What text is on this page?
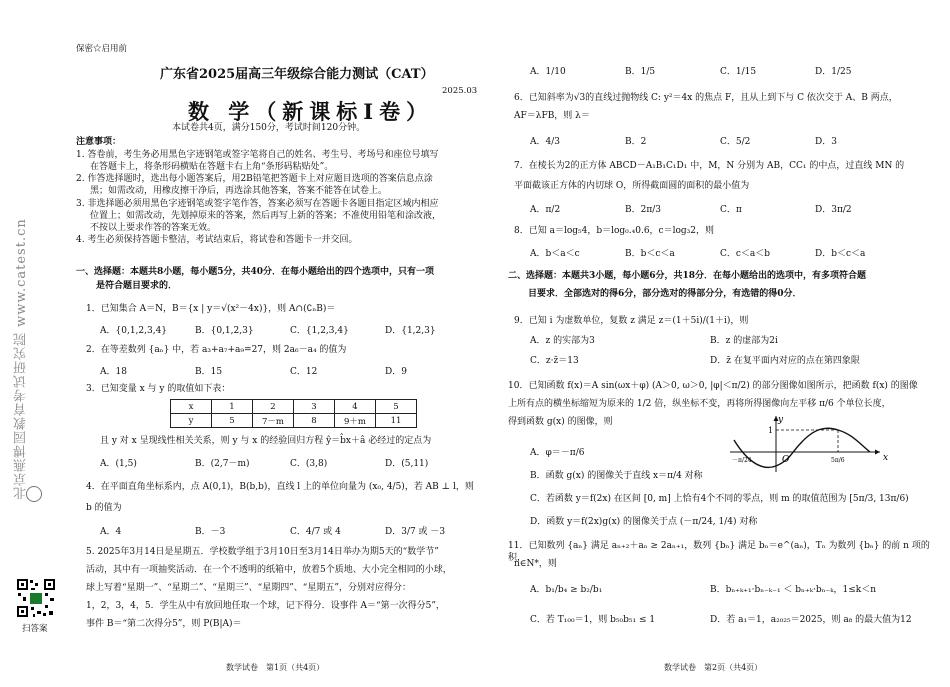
保密☆启用前
广东省2025届高三年级综合能力测试（CAT）
2025.03
数 学（新课标Ⅰ卷）
本试卷共4页，满分150分，考试时间120分钟。
注意事项：
1. 答卷前，考生务必用黑色字迹钢笔或签字笔将自己的姓名、考生号、考场号和座位号填写
在答题卡上，将条形码横贴在答题卡右上角“条形码粘贴处”。
2. 作答选择题时，选出每小题答案后，用2B铅笔把答题卡上对应题目选项的答案信息点涂
黑；如需改动，用橡皮擦干净后，再选涂其他答案，答案不能答在试卷上。
3. 非选择题必须用黑色字迹钢笔或签字笔作答，答案必须写在答题卡各题目指定区域内相应
位置上；如需改动，先划掉原来的答案，然后再写上新的答案；不准使用铅笔和涂改液，
不按以上要求作答的答案无效。
4. 考生必须保持答题卡整洁，考试结束后，将试卷和答题卡一并交回。
一、选择题：本题共8小题，每小题5分，共40分．在每小题给出的四个选项中，只有一项
是符合题目要求的．
1．已知集合 A＝N，B＝{x | y＝√(x²－4x)}，则 A∩(∁ₙB)＝
A．{0,1,2,3,4}	B．{0,1,2,3}	C．{1,2,3,4}	D．{1,2,3}
2．在等差数列 {aₙ} 中，若 a₃+a₇+a₉=27，则 2a₆－a₄ 的值为
A．18	B．15	C．12	D．9
3．已知变量 x 与 y 的取值如下表：
x	1	2	3	4	5
y	5	7－m	8	9＋m	11
且 y 对 x 呈现线性相关关系，则 y 与 x 的经验回归方程 ŷ＝b̂x＋â 必经过的定点为
A．(1,5)	B．(2,7－m)	C．(3,8)	D．(5,11)
4．在平面直角坐标系内，点 A(0,1)，B(b,b)，直线 l 上的单位向量为 (x₀, 4/5)，若 AB ⊥ l，则
b 的值为
A．4	B．－3	C．4/7 或 4	D．3/7 或 －3
5. 2025年3月14日是星期五．学校数学组于3月10日至3月14日举办为期5天的“数学节”
活动，其中有一项抽奖活动．在一个不透明的纸箱中，放着5个质地、大小完全相同的小球，
球上写着“星期一”、“星期二”、“星期三”、“星期四”、“星期五”，分别对应得分：
1，2，3，4，5．学生从中有放回地任取一个球，记下得分．设事件 A＝“第一次得分5”，
事件 B＝“第二次得分5”，则 P(B|A)＝
数学试卷　第1页（共4页）
北京燕博园教育考试研究院 www.catest.cn
扫答案
A．1/10	B．1/5	C．1/15	D．1/25
6．已知斜率为√3的直线过抛物线 C: y²＝4x 的焦点 F，且从上到下与 C 依次交于 A、B 两点，
AF＝λFB，则 λ＝
A．4/3	B．2	C．5/2	D．3
7．在棱长为2的正方体 ABCD－A₁B₁C₁D₁ 中，M，N 分别为 AB，CC₁ 的中点，过直线 MN 的
平面截该正方体的内切球 O，所得截面圆的面积的最小值为
A．π/2	B．2π/3	C．π	D．3π/2
8．已知 a＝log₅4，b＝log₀.₄0.6，c＝log₃2，则
A．b＜a＜c	B．b＜c＜a	C．c＜a＜b	D．b＜c＜a
二、选择题：本题共3小题，每小题6分，共18分．在每小题给出的选项中，有多项符合题
目要求．全部选对的得6分，部分选对的得部分分，有选错的得0分．
9．已知 i 为虚数单位，复数 z 满足 z＝(1＋5i)/(1＋i)，则
A．z 的实部为3	B．z 的虚部为2i
C．z·z̄＝13	D．z̄ 在复平面内对应的点在第四象限
10．已知函数 f(x)＝A sin(ωx＋φ) (A＞0, ω＞0, |φ|＜π/2) 的部分图像如图所示，把函数 f(x) 的图像
上所有点的横坐标缩短为原来的 1/2 倍，纵坐标不变，再将所得图像向左平移 π/6 个单位长度，
得到函数 g(x) 的图像，则	y
x
1
O
－π/24	5π/6
A．φ＝－π/6
B．函数 g(x) 的图像关于直线 x＝π/4 对称
C．若函数 y＝f(2x) 在区间 [0, m] 上恰有4个不同的零点，则 m 的取值范围为 [5π/3, 13π/6)
D．函数 y＝f(2x)g(x) 的图像关于点 (－π/24, 1/4) 对称
11．已知数列 {aₙ} 满足 aₙ₊₂＋aₙ ≥ 2aₙ₊₁，数列 {bₙ} 满足 bₙ＝e^(aₙ)，Tₙ 为数列 {bₙ} 的前 n 项的积，
n∈N*，则
A．b₁/b₄ ≥ b₂/b₁	B．bₙ₊ₖ₊₁·bₙ₋ₖ₋₁ ＜ bₙ₊ₖ·bₙ₋ₖ，1≤k＜n
C．若 T₁₀₀＝1，则 b₅₀b₅₁ ≤ 1	D．若 a₁＝1，a₂₀₂₅＝2025，则 a₈ 的最大值为12
数学试卷　第2页（共4页）
